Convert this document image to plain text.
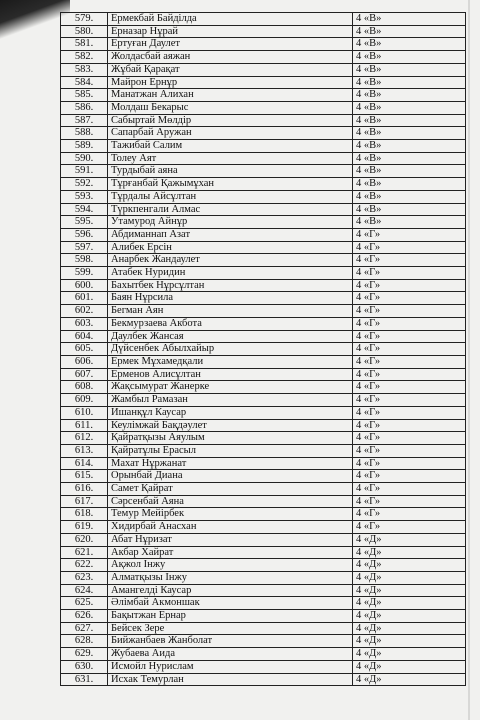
579.	Ермекбай Байділда	4 «В»
580.	Ерназар Нұрай	4 «В»
581.	Ертуған Даулет	4 «В»
582.	Жолдасбай аяжан	4 «В»
583.	Жұбай Қарақат	4 «В»
584.	Майрон Ернұр	4 «В»
585.	Манатжан Алихан	4 «В»
586.	Молдаш Бекарыс	4 «В»
587.	Сабыртай Мөлдір	4 «В»
588.	Сапарбай Аружан	4 «В»
589.	Тажибай Салим	4 «В»
590.	Толеу Аят	4 «В»
591.	Турдыбай аяна	4 «В»
592.	Тұрғанбай Қажымұхан	4 «В»
593.	Тұрдалы Айсұлтан	4 «В»
594.	Түркпенгали Алмас	4 «В»
595.	Утамурод Айнұр	4 «В»
596.	Абдиманнап Азат	4 «Г»
597.	Алибек Ерсін	4 «Г»
598.	Анарбек Жандаулет	4 «Г»
599.	Атабек Нуридин	4 «Г»
600.	Бахытбек Нұрсұлтан	4 «Г»
601.	Баян Нұрсила	4 «Г»
602.	Бегман Аян	4 «Г»
603.	Бекмурзаева Акбота	4 «Г»
604.	Даулбек Жансая	4 «Г»
605.	Дүйсенбек Абылхайыр	4 «Г»
606.	Ермек Мұхамедқали	4 «Г»
607.	Ерменов Алисұлтан	4 «Г»
608.	Жақсымурат Жанерке	4 «Г»
609.	Жамбыл Рамазан	4 «Г»
610.	Ишанқұл Каусар	4 «Г»
611.	Кеулімжай Бақдәулет	4 «Г»
612.	Қайратқызы Аяулым	4 «Г»
613.	Қайратұлы Ерасыл	4 «Г»
614.	Махат Нұржанат	4 «Г»
615.	Орынбай Диана	4 «Г»
616.	Самет Қайрат	4 «Г»
617.	Сәрсенбай Аяна	4 «Г»
618.	Темур Мейірбек	4 «Г»
619.	Хидирбай Анасхан	4 «Г»
620.	Абат Нұризат	4 «Д»
621.	Акбар Хайрат	4 «Д»
622.	Ақжол Інжу	4 «Д»
623.	Алматқызы Інжу	4 «Д»
624.	Амангелді Каусар	4 «Д»
625.	Әлімбай Акмоншак	4 «Д»
626.	Бақытжан Ернар	4 «Д»
627.	Бейсек Зере	4 «Д»
628.	Бийжанбаев Жанболат	4 «Д»
629.	Жубаева Аида	4 «Д»
630.	Исмойл Нурислам	4 «Д»
631.	Исхак Темурлан	4 «Д»
